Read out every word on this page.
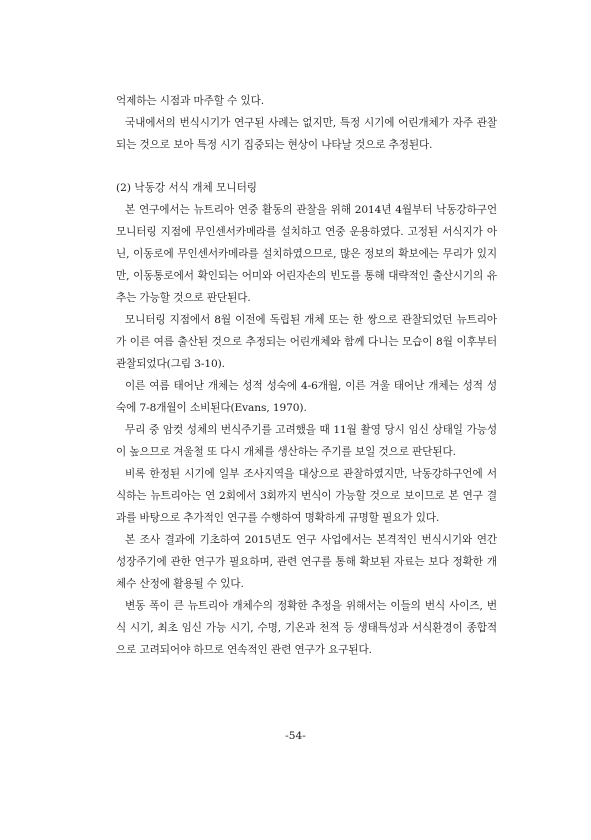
억제하는 시점과 마주할 수 있다.

국내에서의 번식시기가 연구된 사례는 없지만, 특정 시기에 어린개체가 자주 관찰되는 것으로 보아 특정 시기 집중되는 현상이 나타날 것으로 추정된다.

(2) 낙동강 서식 개체 모니터링

본 연구에서는 뉴트리아 연중 활동의 관찰을 위해 2014년 4월부터 낙동강하구언 모니터링 지점에 무인센서카메라를 설치하고 연중 운용하였다. 고정된 서식지가 아닌, 이동로에 무인센서카메라를 설치하였으므로, 많은 정보의 확보에는 무리가 있지만, 이동통로에서 확인되는 어미와 어린자손의 빈도를 통해 대략적인 출산시기의 유추는 가능할 것으로 판단된다.

모니터링 지점에서 8월 이전에 독립된 개체 또는 한 쌍으로 관찰되었던 뉴트리아가 이른 여름 출산된 것으로 추정되는 어린개체와 함께 다니는 모습이 8월 이후부터 관찰되었다(그림 3-10).

이른 여름 태어난 개체는 성적 성숙에 4-6개월, 이른 겨울 태어난 개체는 성적 성숙에 7-8개월이 소비된다(Evans, 1970).

무리 중 암컷 성체의 번식주기를 고려했을 때 11월 촬영 당시 임신 상태일 가능성이 높으므로 겨울철 또 다시 개체를 생산하는 주기를 보일 것으로 판단된다.

비록 한정된 시기에 일부 조사지역을 대상으로 관찰하였지만, 낙동강하구언에 서식하는 뉴트리아는 연 2회에서 3회까지 번식이 가능할 것으로 보이므로 본 연구 결과를 바탕으로 추가적인 연구를 수행하여 명확하게 규명할 필요가 있다.

본 조사 결과에 기초하여 2015년도 연구 사업에서는 본격적인 번식시기와 연간 성장주기에 관한 연구가 필요하며, 관련 연구를 통해 확보된 자료는 보다 정확한 개체수 산정에 활용될 수 있다.

변동 폭이 큰 뉴트리아 개체수의 정확한 추정을 위해서는 이들의 번식 사이즈, 번식 시기, 최초 임신 가능 시기, 수명, 기온과 천적 등 생태특성과 서식환경이 종합적으로 고려되어야 하므로 연속적인 관련 연구가 요구된다.

-54-
